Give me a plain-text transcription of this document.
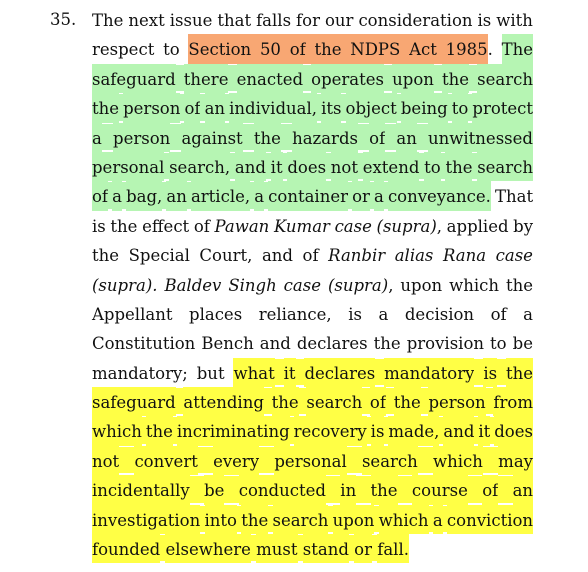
35. The next issue that falls for our consideration is with
respect to Section 50 of the NDPS Act 1985 . The
safeguard there enacted operates upon the search
the person of an individual, its object being to protect
a person against the hazards of an unwitnessed
personal search, and it does not extend to the search
of a bag, an article, a container or a conveyance. That
is the effect of Pawan Kumar case (supra) , applied by
the Special Court, and of Ranbir alias Rana case
(supra). Baldev Singh case (supra) , upon which the
Appellant places reliance, is a decision of a
Constitution Bench and declares the provision to be
mandatory; but what it declares mandatory is the
safeguard attending the search of the person from
which the incriminating recovery is made, and it does
not convert every personal search which may
incidentally be conducted in the course of an
investigation into the search upon which a conviction
founded
elsewhere
must
stand
or
fall.
